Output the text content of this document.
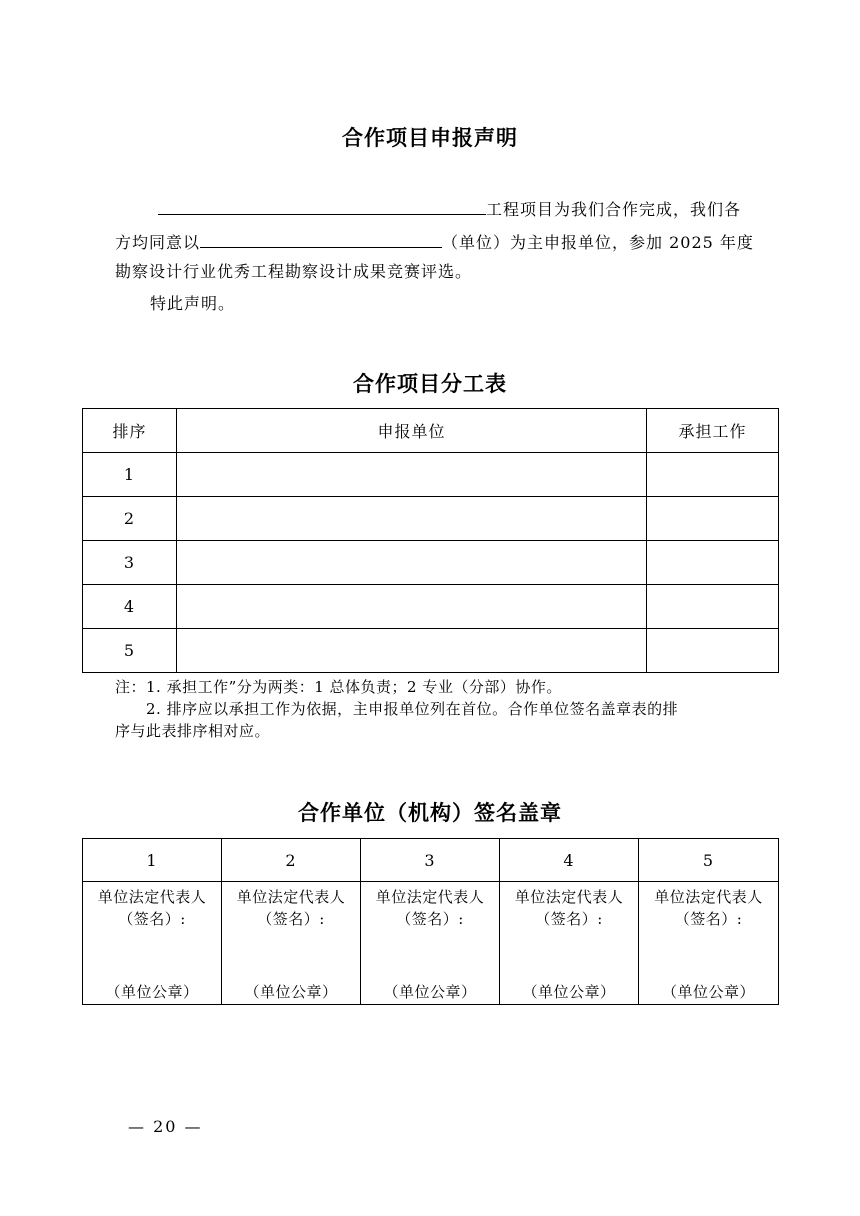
合作项目申报声明
工程项目为我们合作完成，我们各
方均同意以	（单位）为主申报单位，参加 2025 年度
勘察设计行业优秀工程勘察设计成果竞赛评选。
特此声明。
合作项目分工表
排序	申报单位	承担工作
1		
2		
3		
4		
5		
注：1. 承担工作”分为两类：1 总体负责；2 专业（分部）协作。
2. 排序应以承担工作为依据，主申报单位列在首位。合作单位签名盖章表的排
序与此表排序相对应。
合作单位（机构）签名盖章
1	2	3	4	5

单位法定代表人
（签名）:
（单位公章）	单位法定代表人
（签名）:
（单位公章）	单位法定代表人
（签名）:
（单位公章）	单位法定代表人
（签名）:
（单位公章）	单位法定代表人
（签名）:
（单位公章）
— 20 —
